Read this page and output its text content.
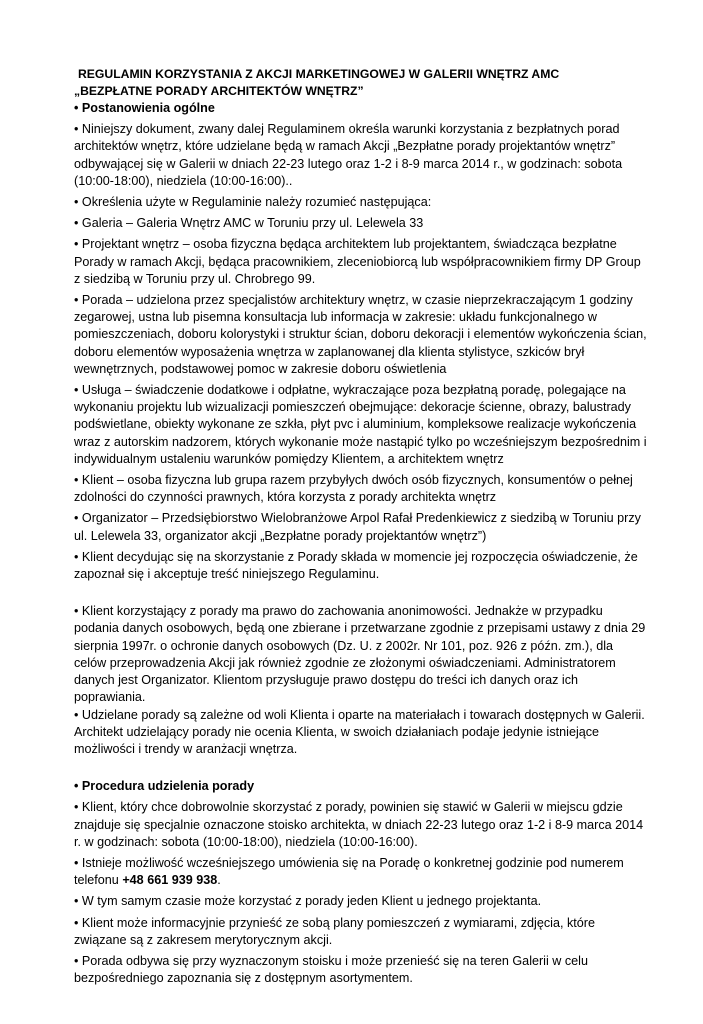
REGULAMIN KORZYSTANIA Z AKCJI MARKETINGOWEJ W GALERII WNĘTRZ AMC

„BEZPŁATNE PORADY ARCHITEKTÓW WNĘTRZ”

• Postanowienia ogólne

• Niniejszy dokument, zwany dalej Regulaminem określa warunki korzystania z bezpłatnych porad architektów wnętrz, które udzielane będą w ramach Akcji „Bezpłatne porady projektantów wnętrz” odbywającej się w Galerii w dniach 22-23 lutego oraz 1-2 i 8-9 marca 2014 r., w godzinach: sobota (10:00-18:00), niedziela (10:00-16:00)..

• Określenia użyte w Regulaminie należy rozumieć następująca:

• Galeria – Galeria Wnętrz AMC w Toruniu przy ul. Lelewela 33

• Projektant wnętrz – osoba fizyczna będąca architektem lub projektantem, świadcząca bezpłatne Porady w ramach Akcji, będąca pracownikiem, zleceniobiorcą lub współpracownikiem firmy DP Group z siedzibą w Toruniu przy ul. Chrobrego 99.

• Porada – udzielona przez specjalistów architektury wnętrz, w czasie nieprzekraczającym 1 godziny zegarowej, ustna lub pisemna konsultacja lub informacja w zakresie: układu funkcjonalnego w pomieszczeniach, doboru kolorystyki i struktur ścian, doboru dekoracji i elementów wykończenia ścian, doboru elementów wyposażenia wnętrza w zaplanowanej dla klienta stylistyce, szkiców brył wewnętrznych, podstawowej pomoc w zakresie doboru oświetlenia

• Usługa – świadczenie dodatkowe i odpłatne, wykraczające poza bezpłatną poradę, polegające na wykonaniu projektu lub wizualizacji pomieszczeń obejmujące: dekoracje ścienne, obrazy, balustrady podświetlane, obiekty wykonane ze szkła, płyt pvc i aluminium, kompleksowe realizacje wykończenia wraz z autorskim nadzorem, których wykonanie może nastąpić tylko po wcześniejszym bezpośrednim i indywidualnym ustaleniu warunków pomiędzy Klientem, a architektem wnętrz

• Klient – osoba fizyczna lub grupa razem przybyłych dwóch osób fizycznych, konsumentów o pełnej zdolności do czynności prawnych, która korzysta z porady architekta wnętrz

• Organizator – Przedsiębiorstwo Wielobranżowe Arpol Rafał Predenkiewicz z siedzibą w Toruniu przy ul. Lelewela 33, organizator akcji „Bezpłatne porady projektantów wnętrz”)

• Klient decydując się na skorzystanie z Porady składa w momencie jej rozpoczęcia oświadczenie, że zapoznał się i akceptuje treść niniejszego Regulaminu.

• Klient korzystający z porady ma prawo do zachowania anonimowości. Jednakże w przypadku podania danych osobowych, będą one zbierane i przetwarzane zgodnie z przepisami ustawy z dnia 29 sierpnia 1997r. o ochronie danych osobowych (Dz. U. z 2002r. Nr 101, poz. 926 z późn. zm.), dla celów przeprowadzenia Akcji jak również zgodnie ze złożonymi oświadczeniami. Administratorem danych jest Organizator. Klientom przysługuje prawo dostępu do treści ich danych oraz ich poprawiania.

• Udzielane porady są zależne od woli Klienta i oparte na materiałach i towarach dostępnych w Galerii. Architekt udzielający porady nie ocenia Klienta, w swoich działaniach podaje jedynie istniejące możliwości i trendy w aranżacji wnętrza.

• Procedura udzielenia porady

• Klient, który chce dobrowolnie skorzystać z porady, powinien się stawić w Galerii w miejscu gdzie znajduje się specjalnie oznaczone stoisko architekta, w dniach 22-23 lutego oraz 1-2 i 8-9 marca 2014 r. w godzinach: sobota (10:00-18:00), niedziela (10:00-16:00).

• Istnieje możliwość wcześniejszego umówienia się na Poradę o konkretnej godzinie pod numerem telefonu +48 661 939 938.

• W tym samym czasie może korzystać z porady jeden Klient u jednego projektanta.

• Klient może informacyjnie przynieść ze sobą plany pomieszczeń z wymiarami, zdjęcia, które związane są z zakresem merytorycznym akcji.

• Porada odbywa się przy wyznaczonym stoisku i może przenieść się na teren Galerii w celu bezpośredniego zapoznania się z dostępnym asortymentem.
